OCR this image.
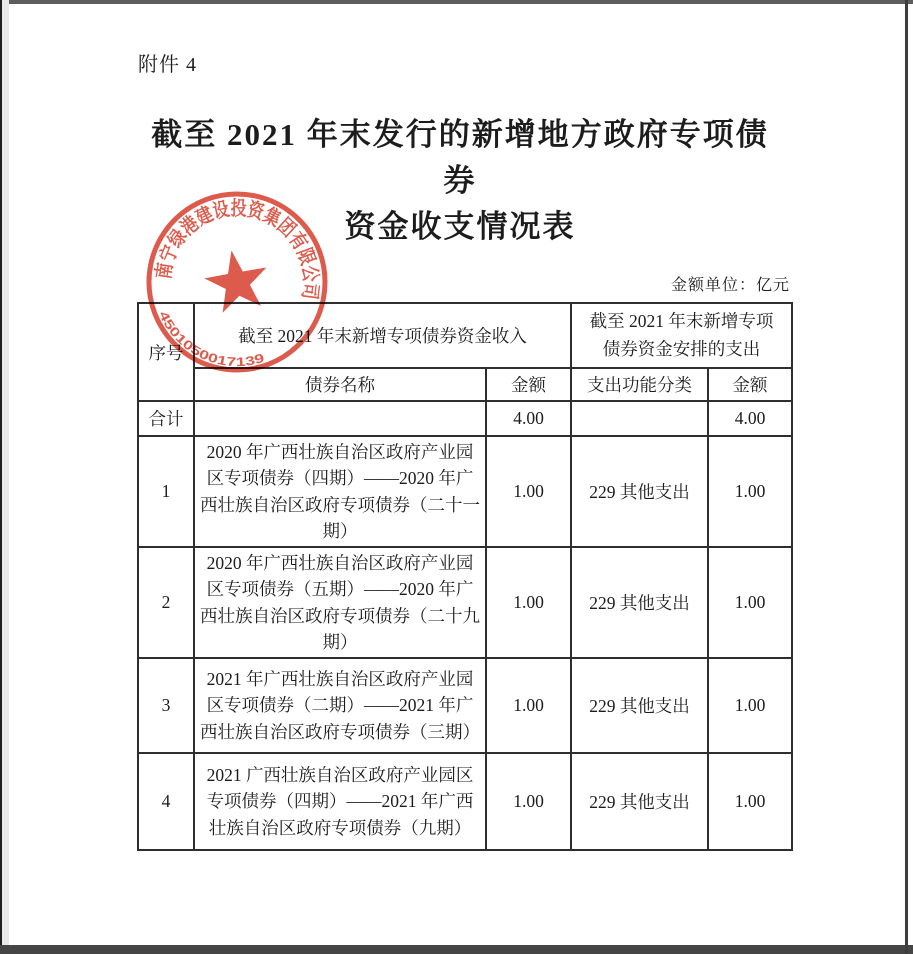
附件 4
截至 2021 年末发行的新增地方政府专项债
券
资金收支情况表
金额单位：亿元
序号	截至 2021 年末新增专项债券资金收入		截至 2021 年末新增专项
债券资金安排的支出	

	债券名称	金额	支出功能分类	金额
合计		4.00		4.00
1	2020 年广西壮族自治区政府产业园区专项债券（四期）——2020 年广西壮族自治区政府专项债券（二十一期）	1.00	229 其他支出	1.00
2	2020 年广西壮族自治区政府产业园区专项债券（五期）——2020 年广西壮族自治区政府专项债券（二十九期）	1.00	229 其他支出	1.00
3	2021 年广西壮族自治区政府产业园区专项债券（二期）——2021 年广西壮族自治区政府专项债券（三期）	1.00	229 其他支出	1.00
4	2021 广西壮族自治区政府产业园区专项债券（四期）——2021 年广西壮族自治区政府专项债券（九期）	1.00	229 其他支出	1.00
南宁绿港建设投资集团有限公司
4501050017139
